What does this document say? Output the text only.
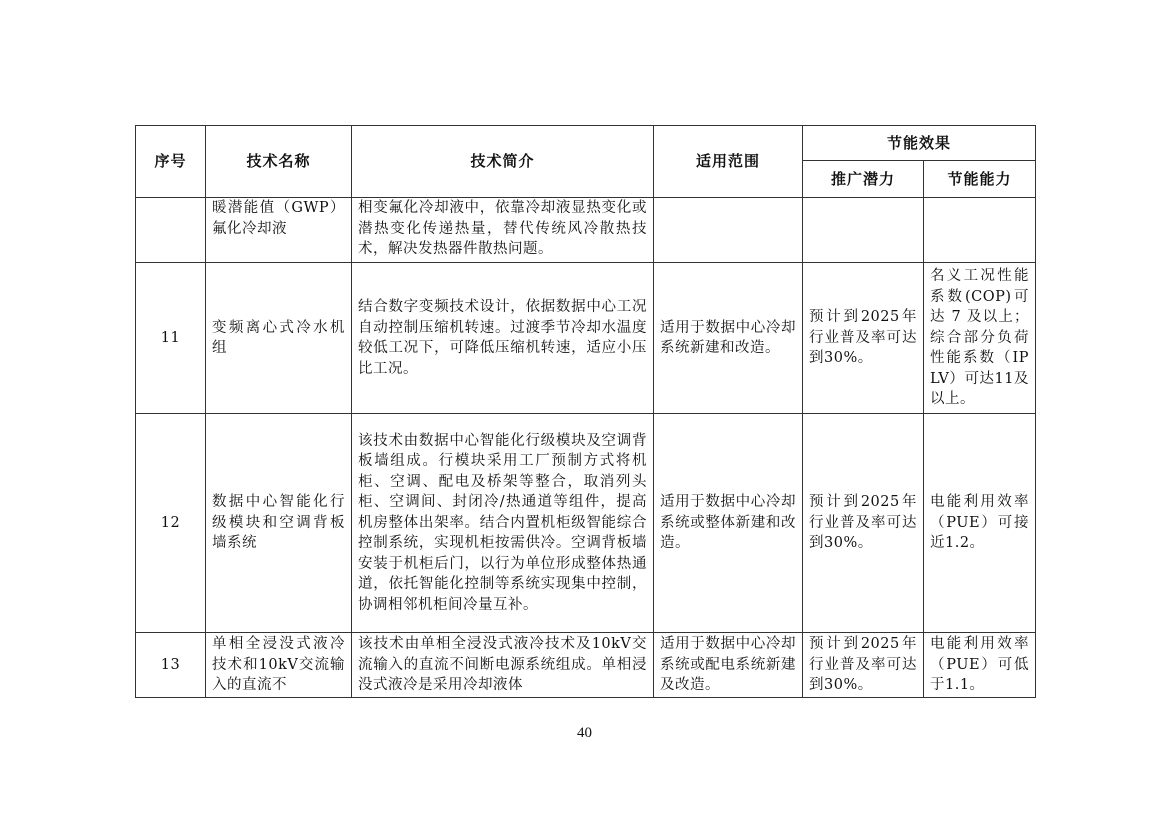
序号	技术名称	技术简介	适用范围	节能效果	
				推广潜力	节能能力
	暖潜能值（GWP）氟化冷却液	相变氟化冷却液中，依靠冷却液显热变化或潜热变化传递热量，替代传统风冷散热技术，解决发热器件散热问题。			
11	变频离心式冷水机组	结合数字变频技术设计，依据数据中心工况自动控制压缩机转速。过渡季节冷却水温度较低工况下，可降低压缩机转速，适应小压比工况。	适用于数据中心冷却系统新建和改造。	预计到2025年行业普及率可达到30%。	名义工况性能系数(COP)可达 7 及以上；综合部分负荷性能系数（IPLV）可达11及以上。
12	数据中心智能化行级模块和空调背板墙系统	该技术由数据中心智能化行级模块及空调背板墙组成。行模块采用工厂预制方式将机柜、空调、配电及桥架等整合，取消列头柜、空调间、封闭冷/热通道等组件，提高机房整体出架率。结合内置机柜级智能综合控制系统，实现机柜按需供冷。空调背板墙安装于机柜后门，以行为单位形成整体热通道，依托智能化控制等系统实现集中控制，协调相邻机柜间冷量互补。	适用于数据中心冷却系统或整体新建和改造。	预计到2025年行业普及率可达到30%。	电能利用效率（PUE）可接近1.2。
13	单相全浸没式液冷技术和10kV交流输入的直流不	该技术由单相全浸没式液冷技术及10kV交流输入的直流不间断电源系统组成。单相浸没式液冷是采用冷却液体	适用于数据中心冷却系统或配电系统新建及改造。	预计到2025年行业普及率可达到30%。	电能利用效率（PUE）可低于1.1。
40
